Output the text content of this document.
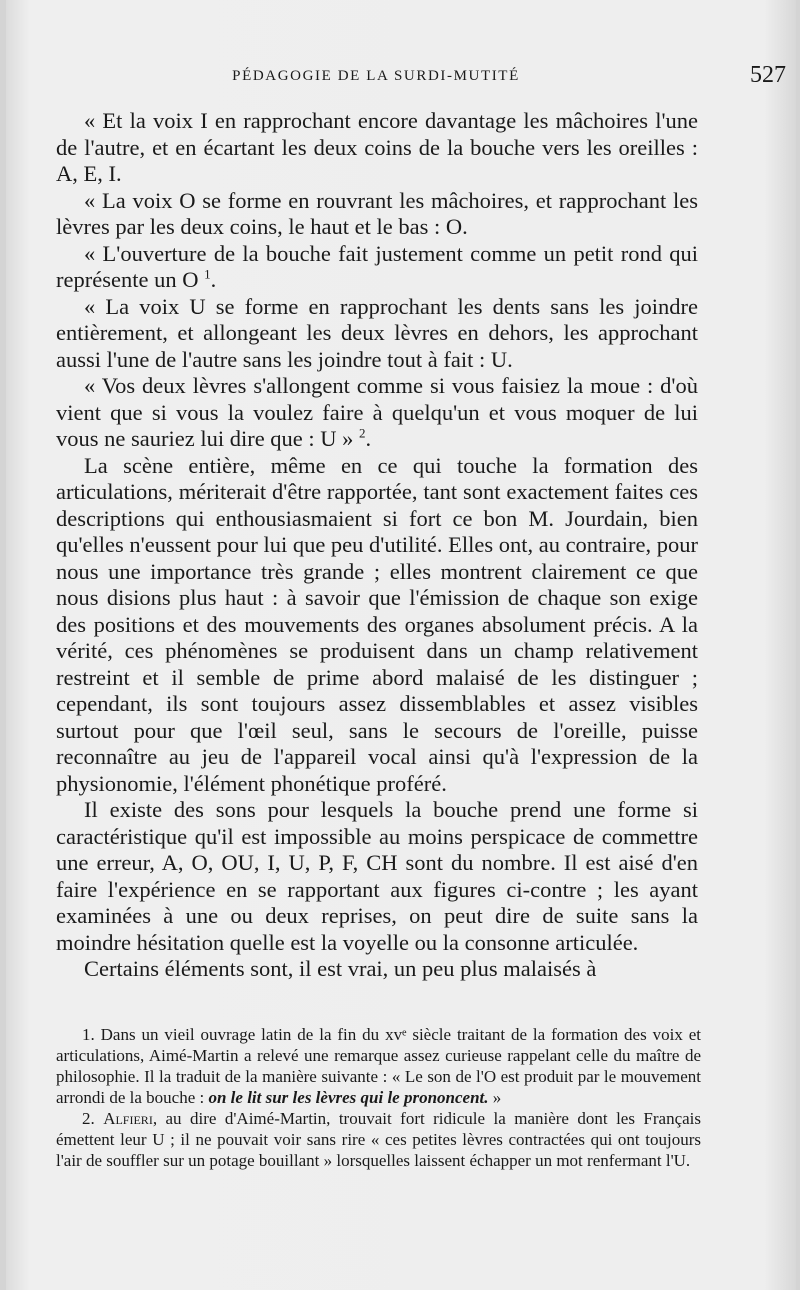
PÉDAGOGIE DE LA SURDI-MUTITÉ	527

« Et la voix I en rapprochant encore davantage les mâchoires l'une de l'autre, et en écartant les deux coins de la bouche vers les oreilles : A, E, I.

« La voix O se forme en rouvrant les mâchoires, et rapprochant les lèvres par les deux coins, le haut et le bas : O.

« L'ouverture de la bouche fait justement comme un petit rond qui représente un O $^1$.

« La voix U se forme en rapprochant les dents sans les joindre entièrement, et allongeant les deux lèvres en dehors, les approchant aussi l'une de l'autre sans les joindre tout à fait : U.

« Vos deux lèvres s'allongent comme si vous faisiez la moue : d'où vient que si vous la voulez faire à quelqu'un et vous moquer de lui vous ne sauriez lui dire que : U » $^2$.

La scène entière, même en ce qui touche la formation des articulations, mériterait d'être rapportée, tant sont exactement faites ces descriptions qui enthousiasmaient si fort ce bon M. Jourdain, bien qu'elles n'eussent pour lui que peu d'utilité. Elles ont, au contraire, pour nous une importance très grande ; elles montrent clairement ce que nous disions plus haut : à savoir que l'émission de chaque son exige des positions et des mouvements des organes absolument précis. A la vérité, ces phénomènes se produisent dans un champ relativement restreint et il semble de prime abord malaisé de les distinguer ; cependant, ils sont toujours assez dissemblables et assez visibles surtout pour que l'œil seul, sans le secours de l'oreille, puisse reconnaître au jeu de l'appareil vocal ainsi qu'à l'expression de la physionomie, l'élément phonétique proféré.

Il existe des sons pour lesquels la bouche prend une forme si caractéristique qu'il est impossible au moins perspicace de commettre une erreur, A, O, OU, I, U, P, F, CH sont du nombre. Il est aisé d'en faire l'expérience en se rapportant aux figures ci-contre ; les ayant examinées à une ou deux reprises, on peut dire de suite sans la moindre hésitation quelle est la voyelle ou la consonne articulée.

Certains éléments sont, il est vrai, un peu plus malaisés à

1. Dans un vieil ouvrage latin de la fin du xvᵉ siècle traitant de la formation des voix et articulations, Aimé-Martin a relevé une remarque assez curieuse rappelant celle du maître de philosophie. Il la traduit de la manière suivante : « Le son de l'O est produit par le mouvement arrondi de la bouche : on le lit sur les lèvres qui le prononcent. »

2. Alfieri, au dire d'Aimé-Martin, trouvait fort ridicule la manière dont les Français émettent leur U ; il ne pouvait voir sans rire « ces petites lèvres contractées qui ont toujours l'air de souffler sur un potage bouillant » lorsquelles laissent échapper un mot renfermant l'U.
